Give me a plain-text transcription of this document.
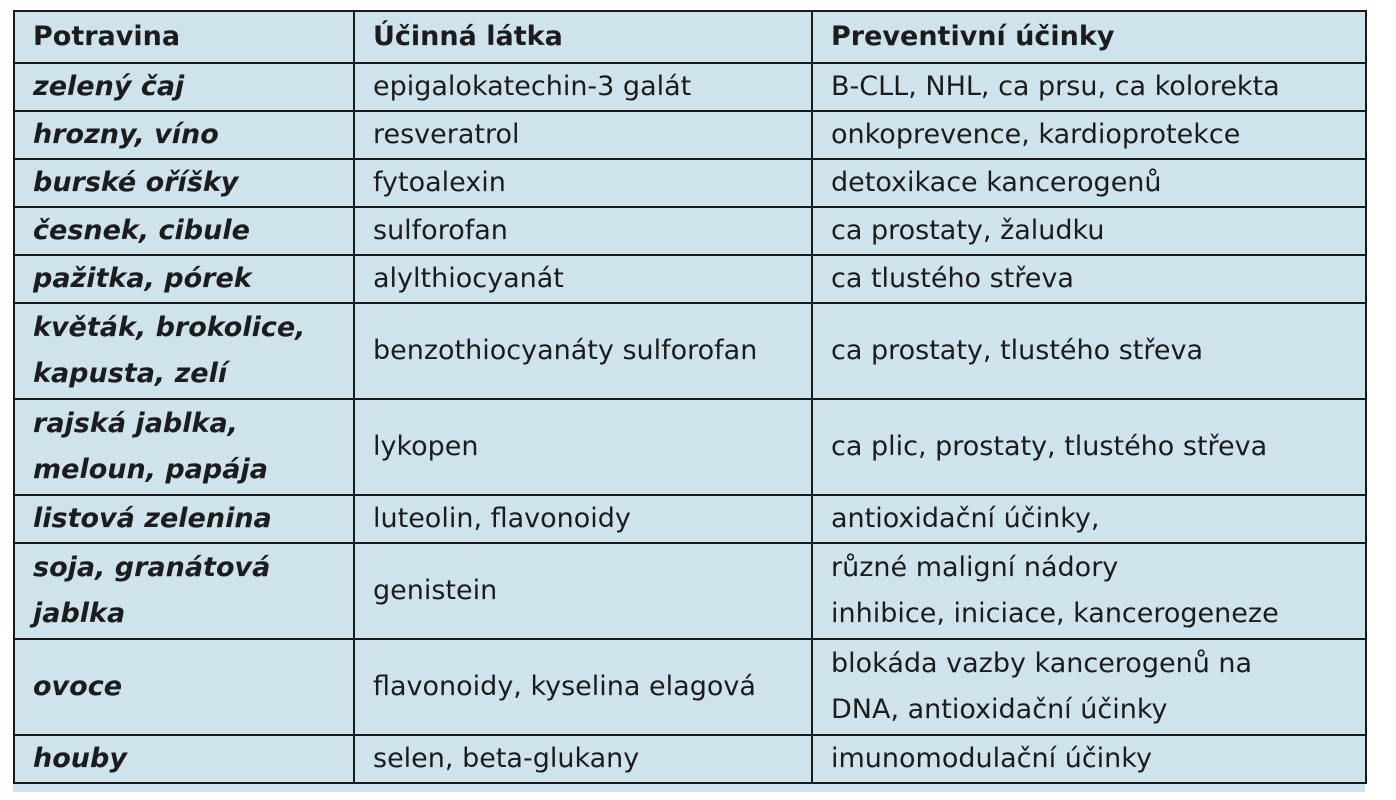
Potravina	Účinná látka	Preventivní účinky

zelený čaj	epigalokatechin-3 galát	B-CLL, NHL, ca prsu, ca kolorekta

hrozny, víno	resveratrol	onkoprevence, kardioprotekce

burské oříšky	fytoalexin	detoxikace kancerogenů

česnek, cibule	sulforofan	ca prostaty, žaludku

pažitka, pórek	alylthiocyanát	ca tlustého střeva

květák, brokolice,
kapusta, zelí	benzothiocyanáty sulforofan	ca prostaty, tlustého střeva

rajská jablka,
meloun, papája	lykopen	ca plic, prostaty, tlustého střeva

listová zelenina	luteolin, flavonoidy	antioxidační účinky,

soja, granátová
jablka	genistein	různé maligní nádory
inhibice, iniciace, kancerogeneze

ovoce	flavonoidy, kyselina elagová	blokáda vazby kancerogenů na
DNA, antioxidační účinky

houby	selen, beta-glukany	imunomodulační účinky
